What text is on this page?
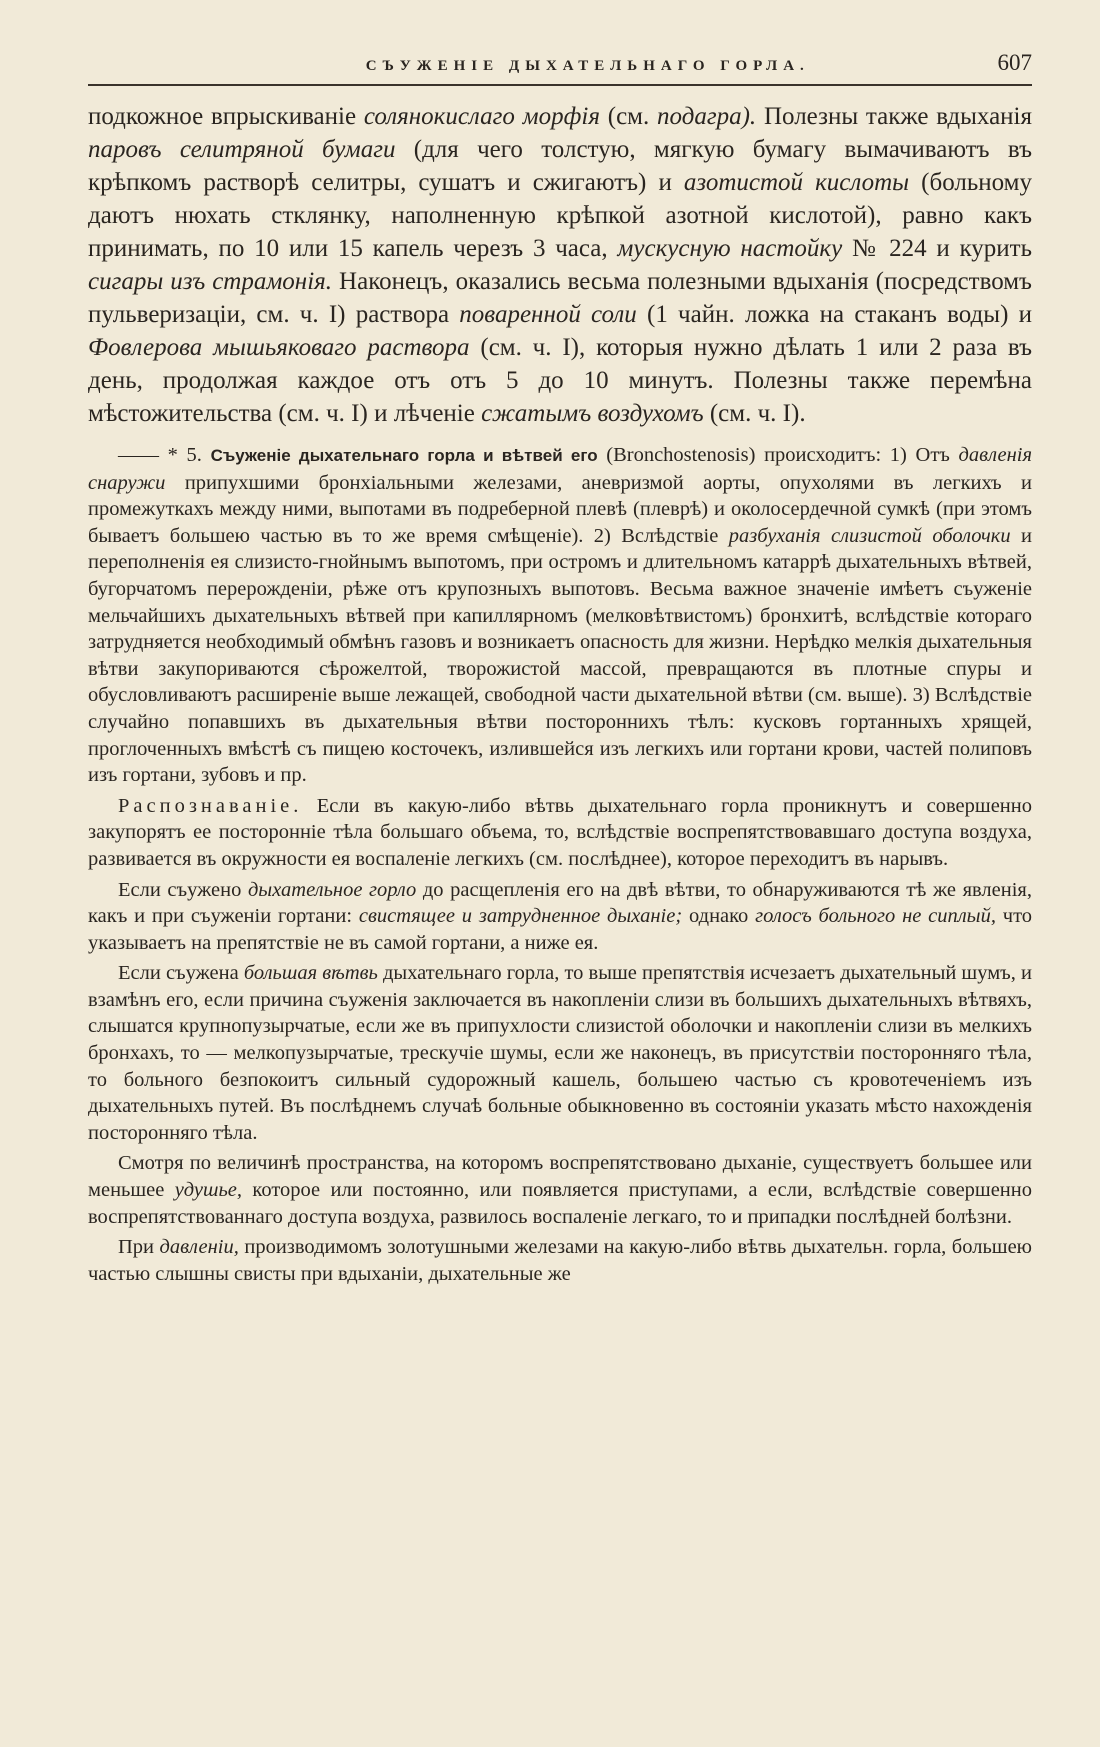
СЪУЖЕНІЕ ДЫХАТЕЛЬНАГО ГОРЛА.	607

подкожное впрыскиваніе солянокислаго морфія (см. подагра). Полезны также вдыханія паровъ селитряной бумаги (для чего толстую, мягкую бумагу вымачиваютъ въ крѣпкомъ растворѣ селитры, сушатъ и сжигаютъ) и азотистой кислоты (больному даютъ нюхать стклянку, наполненную крѣпкой азотной кислотой), равно какъ принимать, по 10 или 15 капель черезъ 3 часа, мускусную настойку № 224 и курить сигары изъ страмонія. Наконецъ, оказались весьма полезными вдыханія (посредствомъ пульверизаціи, см. ч. I) раствора поваренной соли (1 чайн. ложка на стаканъ воды) и Фовлерова мышьяковаго раствора (см. ч. I), которыя нужно дѣлать 1 или 2 раза въ день, продолжая каждое отъ отъ 5 до 10 минутъ. Полезны также перемѣна мѣстожительства (см. ч. I) и лѣченіе сжатымъ воздухомъ (см. ч. I).

—— * 5. Съуженіе дыхательнаго горла и вѣтвей его (Bronchostenosis) происходитъ: 1) Отъ давленія снаружи припухшими бронхіальными железами, аневризмой аорты, опухолями въ легкихъ и промежуткахъ между ними, выпотами въ подреберной плевѣ (плеврѣ) и околосердечной сумкѣ (при этомъ бываетъ большею частью въ то же время смѣщеніе). 2) Вслѣдствіе разбуханія слизистой оболочки и переполненія ея слизисто-гнойнымъ выпотомъ, при остромъ и длительномъ катаррѣ дыхательныхъ вѣтвей, бугорчатомъ перерожденіи, рѣже отъ крупозныхъ выпотовъ. Весьма важное значеніе имѣетъ съуженіе мельчайшихъ дыхательныхъ вѣтвей при капиллярномъ (мелковѣтвистомъ) бронхитѣ, вслѣдствіе котораго затрудняется необходимый обмѣнъ газовъ и возникаетъ опасность для жизни. Нерѣдко мелкія дыхательныя вѣтви закупориваются сѣрожелтой, творожистой массой, превращаются въ плотные спуры и обусловливаютъ расширеніе выше лежащей, свободной части дыхательной вѣтви (см. выше). 3) Вслѣдствіе случайно попавшихъ въ дыхательныя вѣтви постороннихъ тѣлъ: кусковъ гортанныхъ хрящей, проглоченныхъ вмѣстѣ съ пищею косточекъ, излившейся изъ легкихъ или гортани крови, частей полиповъ изъ гортани, зубовъ и пр.

Распознаваніе. Если въ какую-либо вѣтвь дыхательнаго горла проникнутъ и совершенно закупорятъ ее посторонніе тѣла большаго объема, то, вслѣдствіе воспрепятствовавшаго доступа воздуха, развивается въ окружности ея воспаленіе легкихъ (см. послѣднее), которое переходитъ въ нарывъ.

Если съужено дыхательное горло до расщепленія его на двѣ вѣтви, то обнаруживаются тѣ же явленія, какъ и при съуженіи гортани: свистящее и затрудненное дыханіе; однако голосъ больного не сиплый, что указываетъ на препятствіе не въ самой гортани, а ниже ея.

Если съужена большая вѣтвь дыхательнаго горла, то выше препятствія исчезаетъ дыхательный шумъ, и взамѣнъ его, если причина съуженія заключается въ накопленіи слизи въ большихъ дыхательныхъ вѣтвяхъ, слышатся крупнопузырчатые, если же въ припухлости слизистой оболочки и накопленіи слизи въ мелкихъ бронхахъ, то — мелкопузырчатые, трескучіе шумы, если же наконецъ, въ присутствіи посторонняго тѣла, то больного безпокоитъ сильный судорожный кашель, большею частью съ кровотеченіемъ изъ дыхательныхъ путей. Въ послѣднемъ случаѣ больные обыкновенно въ состояніи указать мѣсто нахожденія посторонняго тѣла.

Смотря по величинѣ пространства, на которомъ воспрепятствовано дыханіе, существуетъ большее или меньшее удушье, которое или постоянно, или появляется приступами, а если, вслѣдствіе совершенно воспрепятствованнаго доступа воздуха, развилось воспаленіе легкаго, то и припадки послѣдней болѣзни.

При давленіи, производимомъ золотушными железами на какую-либо вѣтвь дыхательн. горла, большею частью слышны свисты при вдыханіи, дыхательные же
